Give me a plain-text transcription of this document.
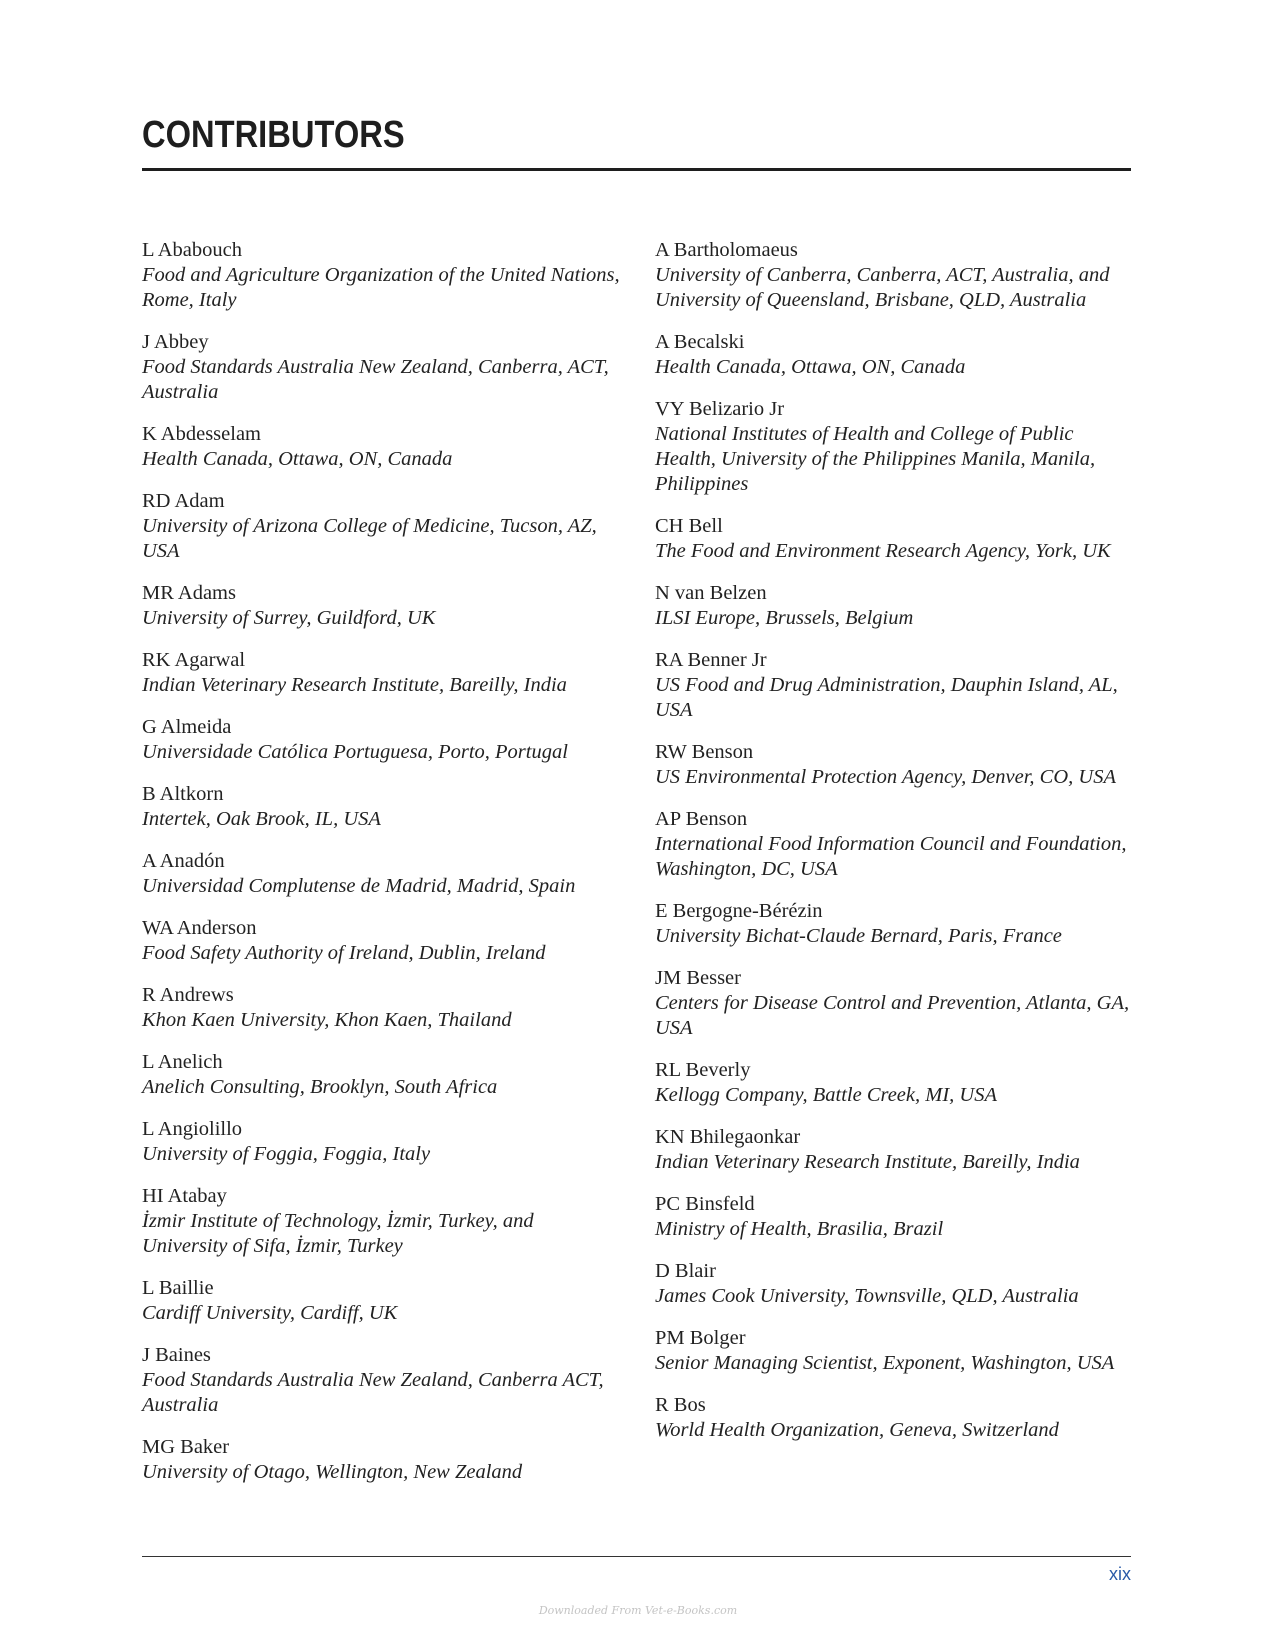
CONTRIBUTORS
L Ababouch
Food and Agriculture Organization of the United Nations, Rome, Italy
J Abbey
Food Standards Australia New Zealand, Canberra, ACT, Australia
K Abdesselam
Health Canada, Ottawa, ON, Canada
RD Adam
University of Arizona College of Medicine, Tucson, AZ, USA
MR Adams
University of Surrey, Guildford, UK
RK Agarwal
Indian Veterinary Research Institute, Bareilly, India
G Almeida
Universidade Católica Portuguesa, Porto, Portugal
B Altkorn
Intertek, Oak Brook, IL, USA
A Anadón
Universidad Complutense de Madrid, Madrid, Spain
WA Anderson
Food Safety Authority of Ireland, Dublin, Ireland
R Andrews
Khon Kaen University, Khon Kaen, Thailand
L Anelich
Anelich Consulting, Brooklyn, South Africa
L Angiolillo
University of Foggia, Foggia, Italy
HI Atabay
İzmir Institute of Technology, İzmir, Turkey, and University of Sifa, İzmir, Turkey
L Baillie
Cardiff University, Cardiff, UK
J Baines
Food Standards Australia New Zealand, Canberra ACT, Australia
MG Baker
University of Otago, Wellington, New Zealand
A Bartholomaeus
University of Canberra, Canberra, ACT, Australia, and University of Queensland, Brisbane, QLD, Australia
A Becalski
Health Canada, Ottawa, ON, Canada
VY Belizario Jr
National Institutes of Health and College of Public Health, University of the Philippines Manila, Manila, Philippines
CH Bell
The Food and Environment Research Agency, York, UK
N van Belzen
ILSI Europe, Brussels, Belgium
RA Benner Jr
US Food and Drug Administration, Dauphin Island, AL, USA
RW Benson
US Environmental Protection Agency, Denver, CO, USA
AP Benson
International Food Information Council and Foundation, Washington, DC, USA
E Bergogne-Bérézin
University Bichat-Claude Bernard, Paris, France
JM Besser
Centers for Disease Control and Prevention, Atlanta, GA, USA
RL Beverly
Kellogg Company, Battle Creek, MI, USA
KN Bhilegaonkar
Indian Veterinary Research Institute, Bareilly, India
PC Binsfeld
Ministry of Health, Brasilia, Brazil
D Blair
James Cook University, Townsville, QLD, Australia
PM Bolger
Senior Managing Scientist, Exponent, Washington, USA
R Bos
World Health Organization, Geneva, Switzerland
xix
Downloaded From Vet-e-Books.com
